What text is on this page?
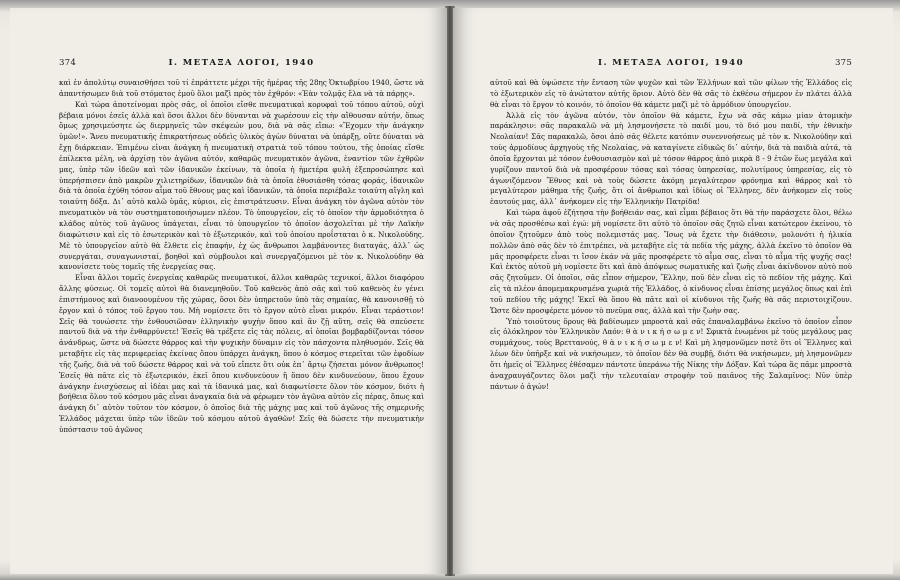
374	Ι. ΜΕΤΑΞΑ ΛΟΓΟΙ, 1940

καὶ ἐν ἀπολύτῳ συναισθήσει τοῦ τί ἐπράττετε μέχρι τῆς ἡμέρας τῆς 28ης Ὀκτωβρίου 1940, ὥστε νὰ ἀπαντήσωμεν διὰ τοῦ στόματος ἐμοῦ ὅλοι μαζὶ πρὸς τὸν ἐχθρόν: «Ἐὰν τολμᾷς ἔλα νὰ τὰ πάρῃς».

Καὶ τώρα ἀποτείνομαι πρὸς σᾶς, οἱ ὁποῖοι εἴσθε πνευματικαὶ κορυφαὶ τοῦ τόπου αὐτοῦ, οὐχὶ βέβαια μόνοι ἐσεῖς ἀλλὰ καὶ ὅσοι ἄλλοι δὲν δύνανται νὰ χωρέσουν εἰς τὴν αἴθουσαν αὐτήν, ὅπως ὅμως χρησιμεύσητε ὡς διερμηνεῖς τῶν σκέψεών μου, διὰ νὰ σᾶς εἴπω: «Ἔχομεν τὴν ἀνάγκην ὑμῶν!». Ἄνευ πνευματικῆς ἐπικρατήσεως οὐδεὶς ὑλικὸς ἀγὼν δύναται νὰ ὑπάρξῃ, οὔτε δύναται νὰ ἔχῃ διάρκειαν. Ἐπιμένω εἰναι ἀνάγκη ἡ πνευματικὴ στρατιὰ τοῦ τόπου τούτου, τῆς ὁποίας εἴσθε ἐπίλεκτα μέλη, νὰ ἀρχίσῃ τὸν ἀγῶνα αὐτόν, καθαρῶς πνευματικὸν ἀγῶνα, ἐναντίον τῶν ἐχθρῶν μας, ὑπὲρ τῶν ἰδεῶν καὶ τῶν ἰδανικῶν ἐκείνων, τὰ ὁποῖα ἡ ἡμετέρα φυλὴ ἐξεπροσώπησε καὶ ὑπερήσπισεν ἀπὸ μακρῶν χιλιετηρίδων, ἰδανικῶν διὰ τὰ ὁποῖα ἐθυσιάσθη τόσας φοράς, ἰδανικῶν διὰ τὰ ὁποῖα ἐχύθη τόσον αἷμα τοῦ ἔθνους μας καὶ ἰδανικῶν, τὰ ὁποῖα περιέβαλε τοιαύτη αἴγλη καὶ τοιαύτη δόξα. Δι᾽ αὐτὸ καλῶ ὑμᾶς, κύριοι, εἰς ἐπιστράτευσιν. Εἶναι ἀνάγκη τὸν ἀγῶνα αὐτὸν τὸν πνευματικὸν νὰ τὸν συστηματοποιήσωμεν πλέον. Τὸ ὑπουργεῖον, εἰς τὸ ὁποῖον τὴν ἁρμοδιότητα ὁ κλάδος αὐτὸς τοῦ ἀγῶνος ὑπάγεται, εἶναι τὸ ὑπουργεῖον τὸ ὁποῖον ἀσχολεῖται μὲ τὴν Λαϊκὴν διαφώτισιν καὶ εἰς τὸ ἐσωτερικὸν καὶ τὸ ἐξωτερικόν, καὶ τοῦ ὁποίου προΐσταται ὁ κ. Νικολούδης. Μὲ τὸ ὑπουργεῖον αὐτὸ θὰ ἔλθετε εἰς ἐπαφήν, ἐχ ὡς ἄνθρωποι λαμβάνοντες διαταγάς, ἀλλ᾽ ὡς συνεργάται, συναγωνισταί, βοηθοὶ καὶ σύμβουλοι καὶ συνεργαζόμενοι μὲ τὸν κ. Νικολούδην θὰ κανονίσετε τοὺς τομεῖς τῆς ἐνεργείας σας.

Εἶναι ἄλλοι τομεῖς ἐνεργείας καθαρῶς πνευματικοί, ἄλλοι καθαρῶς τεχνικοί, ἄλλοι διαφόρου ἄλλης φύσεως. Οἱ τομεῖς αὐτοὶ θὰ διανεμηθοῦν. Τοῦ καθενὸς ἀπὸ σᾶς καὶ τοῦ καθενὸς ἐν γένει ἐπιστήμονος καὶ διανοουμένου τῆς χώρας, ὅσοι δὲν ὑπηρετοῦν ὑπὸ τὰς σημαίας, θὰ κανονισθῇ τὸ ἔργον καὶ ὁ τόπος τοῦ ἔργου του. Μὴ νομίσετε ὅτι τὸ ἔργον αὐτὸ εἶναι μικρόν. Εἶναι τεράστιον! Σεῖς θὰ τονώσετε τὴν ἐνθουσιῶσαν ἑλληνικὴν ψυχὴν ὅπου καὶ ἂν ζῇ αὕτη, σεῖς θὰ σπεύσετε παντοῦ διὰ νὰ τὴν ἐνθαρρύνετε! Ἐσεῖς θὰ τρέξετε εἰς τὰς πόλεις, αἱ ὁποῖαι βομβαρδίζονται τόσον ἀνάνδρως, ὥστε νὰ δώσετε θάρρος καὶ τὴν ψυχικὴν δύναμιν εἰς τὸν πάσχοντα πληθυσμόν. Σεῖς θὰ μεταβῆτε εἰς τὰς περιφερείας ἐκείνας ὅπου ὑπάρχει ἀνάγκη, ὅπου ὁ κόσμος στερεῖται τῶν ἐφοδίων τῆς ζωῆς, διὰ νὰ τοῦ δώσετε θάρρος καὶ νὰ τοῦ εἴπετε ὅτι οὐκ ἐπ᾽ ἄρτῳ ζήσεται μόνον ἄνθρωπος! Ἐσεῖς θὰ πᾶτε εἰς τὸ ἐξωτερικόν, ἐκεῖ ὅπου κινδυνεύουν ἢ ὅπου δὲν κινδυνεύουν, ὅπου ἔχουν ἀνάγκην ἐνισχύσεως αἱ ἰδέαι μας καὶ τὰ ἰδανικά μας, καὶ διαφωτίσετε ὅλον τὸν κόσμον, διότι ἡ βοήθεια ὅλου τοῦ κόσμου μᾶς εἶναι ἀναγκαία διὰ νὰ φέρωμεν τὸν ἀγῶνα αὐτὸν εἰς πέρας, ὅπως καὶ ἀνάγκη δι᾽ αὐτὸν τοῦτον τὸν κόσμον, ὁ ὁποῖος διὰ τῆς μάχης μας καὶ τοῦ ἀγῶνος τῆς σημερινῆς Ἑλλάδος μάχεται ὑπὲρ τῶν ἰδεῶν τοῦ κόσμου αὐτοῦ ἀγαθῶν! Σεῖς θὰ δώσετε τὴν πνευματικὴν ὑπόστασιν τοῦ ἀγῶνος

Ι. ΜΕΤΑΞΑ ΛΟΓΟΙ, 1940	375

αὐτοῦ καὶ θὰ ὑψώσετε τὴν ἔνταση τῶν ψυχῶν καὶ τῶν Ἑλλήνων καὶ τῶν φίλων τῆς Ἑλλάδος εἰς τὸ ἐξωτερικὸν εἰς τὸ ἀνώτατον αὐτῆς ὅριον. Αὐτὸ δὲν θὰ σᾶς τὸ ἐκθέσω σήμερον ἐν πλάτει ἀλλὰ θὰ εἶναι τὸ ἔργον τὸ κοινόν, τὸ ὁποῖον θὰ κάμετε μαζὶ μὲ τὸ ἁρμόδιον ὑπουργεῖον.

Ἀλλὰ εἰς τὸν ἀγῶνα αὐτόν, τὸν ὁποῖον θὰ κάμετε, ἔχω νὰ σᾶς κάμω μίαν ἀτομικὴν παράκλησιν: σᾶς παρακαλῶ νὰ μὴ λησμονήσετε τὸ παιδί μου, τὸ διό μου παιδί, τὴν ἐθνικὴν Νεολαίαν! Σᾶς παρακαλῶ, ὅσοι ἀπὸ σᾶς θέλετε κατόπιν συνεννοήσεως μὲ τὸν κ. Νικολούδην καὶ τοὺς ἁρμοδίους ἀρχηγοὺς τῆς Νεολαίας, νὰ καταγίνετε εἰδικῶς δι᾽ αὐτήν, διὰ τὰ παιδιὰ αὐτά, τὰ ὁποῖα ἔρχονται μὲ τόσον ἐνθουσιασμὸν καὶ μὲ τόσον θάρρος ἀπὸ μικρὰ 8 - 9 ἐτῶν ἕως μεγάλα καὶ γυρίζουν παντοῦ διὰ νὰ προσφέρουν τόσας καὶ τόσας ὑπηρεσίας, πολυτίμους ὑπηρεσίας, εἰς τὸ ἀγωνιζόμενον Ἔθνος καὶ νὰ τοὺς δώσετε ἀκόμη μεγαλύτερον φρόνημα καὶ θάρρος καὶ τὸ μεγαλύτερον μάθημα τῆς ζωῆς, ὅτι οἱ ἄνθρωποι καὶ ἰδίως οἱ Ἕλληνες, δὲν ἀνήκομεν εἰς τοὺς ἑαυτούς μας, ἀλλ᾽ ἀνήκομεν εἰς τὴν Ἑλληνικὴν Πατρίδα!

Καὶ τώρα ἀφοῦ ἐζήτησα τὴν βοήθειάν σας, καὶ εἶμαι βέβαιος ὅτι θὰ τὴν παράσχετε ὅλοι, θέλω νὰ σᾶς προσθέσω καὶ ἐγώ: μὴ νομίσετε ὅτι αὐτὸ τὸ ὁποῖον σᾶς ζητῶ εἶναι κατώτερον ἐκείνου, τὸ ὁποῖον ζητοῦμεν ἀπὸ τοὺς πολεμιστάς μας. Ἴσως νὰ ἔχετε τὴν διάθεσιν, μολονότι ἡ ἡλικία πολλῶν ἀπὸ σᾶς δὲν τὸ ἐπιτρέπει, νὰ μεταβῆτε εἰς τὰ πεδία τῆς μάχης, ἀλλὰ ἐκεῖνο τὸ ὁποῖον θὰ μᾶς προσφέρετε εἶναι τι ἴσον ἐκάν νὰ μᾶς προσφέρετε τὸ αἷμα σας, εἶναι τὸ αἷμα τῆς ψυχῆς σας! Καὶ ἐκτὸς αὐτοῦ μὴ νομίσετε ὅτι καὶ ἀπὸ ἀπόψεως σωματικῆς καὶ ζωῆς εἶναι ἀκίνδυνον αὐτὸ ποὺ σᾶς ζητοῦμεν. Οἱ ὁποῖοι, σᾶς εἶπον σήμερον, Ἕλλην, ποῦ δὲν εἶναι εἰς τὸ πεδίον τῆς μάχης. Καὶ εἰς τὰ πλέον ἀπομεμακρυσμένα χωριὰ τῆς Ἑλλάδος, ὁ κίνδυνος εἶναι ἐπίσης μεγάλος ὅπως καὶ ἐπὶ τοῦ πεδίου τῆς μάχης! Ἐκεῖ θὰ ὅπου θὰ πᾶτε καὶ οἱ κίνδυνοι τῆς ζωῆς θὰ σᾶς περιστοιχίζουν. Ὥστε δὲν προσφέρετε μόνον τὸ πνεῦμα σας, ἀλλὰ καὶ τὴν ζωὴν σας.

Ὑπὸ τοιοῦτους ὅρους θὰ βαδίσωμεν μπροστὰ καὶ σᾶς ἐπαναλαμβάνω ἐκεῖνο τὸ ὁποῖον εἶπον εἰς ὁλόκληρον τὸν Ἑλληνικὸν Λαόν: θ ὰ ν ι κ ή σ ω μ ε ν! Σφικτὰ ἑνωμένοι μὲ τοὺς μεγάλους μας συμμάχους, τοὺς Βρεττανούς, θ ὰ ν ι κ ή σ ω μ ε ν! Καὶ μὴ λησμονῶμεν ποτὲ ὅτι οἱ Ἕλληνες καὶ λέων δὲν ὑπῆρξε καὶ νὰ νικήσωμεν, τὸ ὁποῖον δὲν θὰ συμβῇ, διότι θὰ νικήσωμεν, μὴ λησμονῶμεν ὅτι ἡμεῖς οἱ Ἕλληνες ἐθέσαμεν πάντοτε ὑπεράνω τῆς Νίκης τὴν Δόξαν. Καὶ τώρα ἂς πᾶμε μπροστὰ ἀναχραυγάζοντες ὅλοι μαζὶ τὴν τελευταίαν στροφὴν τοῦ παιᾶνος τῆς Σαλαμῖνος: Νῦν ὑπὲρ πάντων ὁ ἀγών!
